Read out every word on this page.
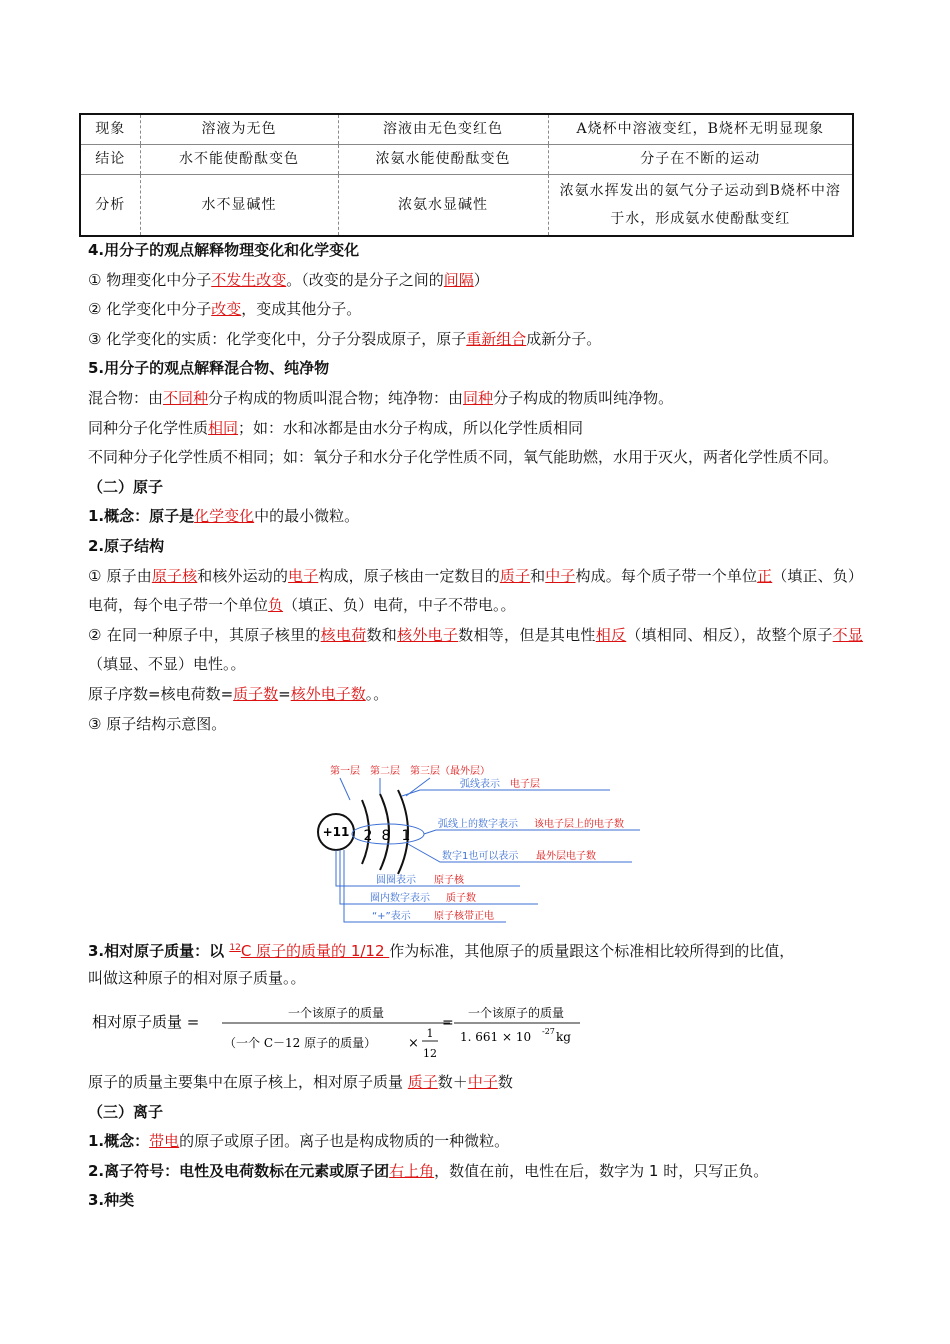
现象	溶液为无色	溶液由无色变红色	A烧杯中溶液变红，B烧杯无明显现象
结论	水不能使酚酞变色	浓氨水能使酚酞变色	分子在不断的运动
分析	水不显碱性	浓氨水显碱性	浓氨水挥发出的氨气分子运动到B烧杯中溶于水，形成氨水使酚酞变红
4.用分子的观点解释物理变化和化学变化
① 物理变化中分子不发生改变。（改变的是分子之间的间隔）
② 化学变化中分子改变，变成其他分子。
③ 化学变化的实质：化学变化中，分子分裂成原子，原子重新组合成新分子。
5.用分子的观点解释混合物、纯净物
混合物：由不同种分子构成的物质叫混合物；纯净物：由同种分子构成的物质叫纯净物。
同种分子化学性质相同；如：水和冰都是由水分子构成，所以化学性质相同
不同种分子化学性质不相同；如：氧分子和水分子化学性质不同，氧气能助燃，水用于灭火，两者化学性质不同。
（二）原子
1.概念：原子是化学变化中的最小微粒。
2.原子结构
① 原子由原子核和核外运动的电子构成，原子核由一定数目的质子和中子构成。每个质子带一个单位正（填正、负）电荷，每个电子带一个单位负（填正、负）电荷，中子不带电。。
② 在同一种原子中，其原子核里的核电荷数和核外电子数相等，但是其电性相反（填相同、相反），故整个原子不显（填显、不显）电性。。
原子序数=核电荷数=质子数=核外电子数。。
③ 原子结构示意图。
第一层 第二层 第三层（最外层）
+11 2 8 1
弧线表示 电子层
弧线上的数字表示 该电子层上的电子数
数字1也可以表示 最外层电子数
圆圈表示 原子核
圈内数字表示 质子数
“+”表示 原子核带正电
3.相对原子质量：以 $^{12}$C 原子的质量的 1/12 作为标准，其他原子的质量跟这个标准相比较所得到的比值，
叫做这种原子的相对原子质量。。
相对原子质量 =	一个该原子的质量
（一个 C－12 原子的质量） ×
1
12
=
一个该原子的质量
1. 661 × 10 -27 kg
原子的质量主要集中在原子核上，相对原子质量 质子数＋中子数
（三）离子
1.概念：带电的原子或原子团。离子也是构成物质的一种微粒。
2.离子符号：电性及电荷数标在元素或原子团右上角，数值在前，电性在后，数字为 1 时，只写正负。
3.种类
